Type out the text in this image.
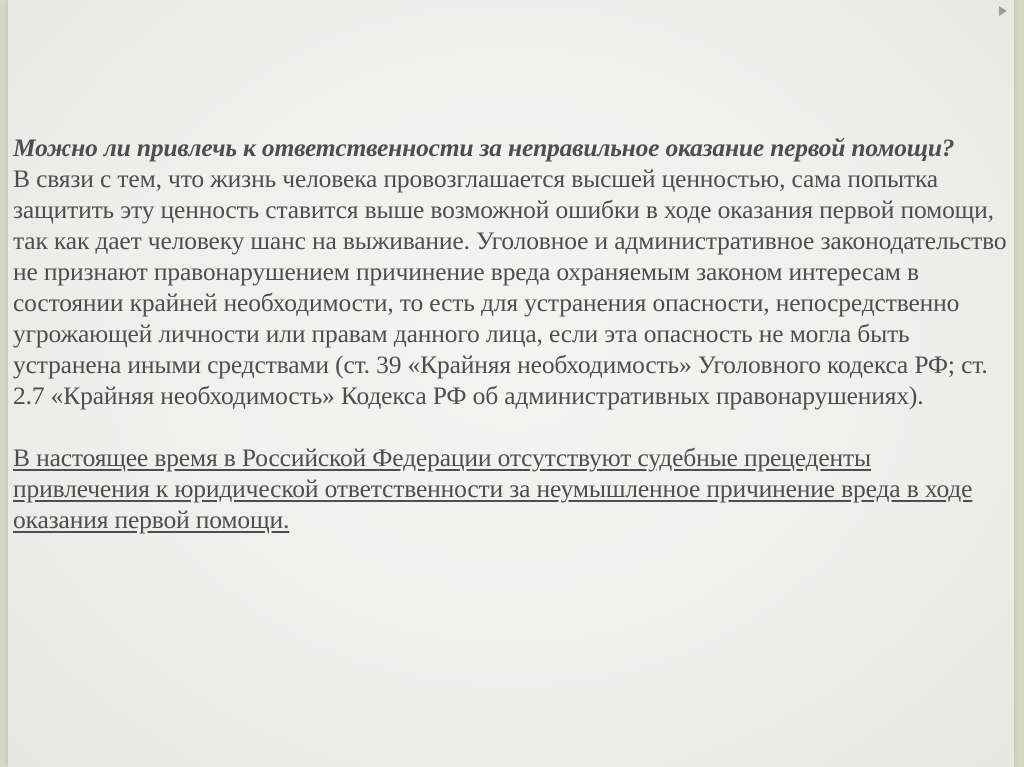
Можно ли привлечь к ответственности за неправильное оказание первой помощи?

В связи с тем, что жизнь человека провозглашается высшей ценностью, сама попытка защитить эту ценность ставится выше возможной ошибки в ходе оказания первой помощи, так как дает человеку шанс на выживание. Уголовное и административное законодательство не признают правонарушением причинение вреда охраняемым законом интересам в состоянии крайней необходимости, то есть для устранения опасности, непосредственно угрожающей личности или правам данного лица, если эта опасность не могла быть устранена иными средствами (ст. 39 «Крайняя необходимость» Уголовного кодекса РФ; ст. 2.7 «Крайняя необходимость» Кодекса РФ об административных правонарушениях).

В настоящее время в Российской Федерации отсутствуют судебные прецеденты привлечения к юридической ответственности за неумышленное причинение вреда в ходе оказания первой помощи.
